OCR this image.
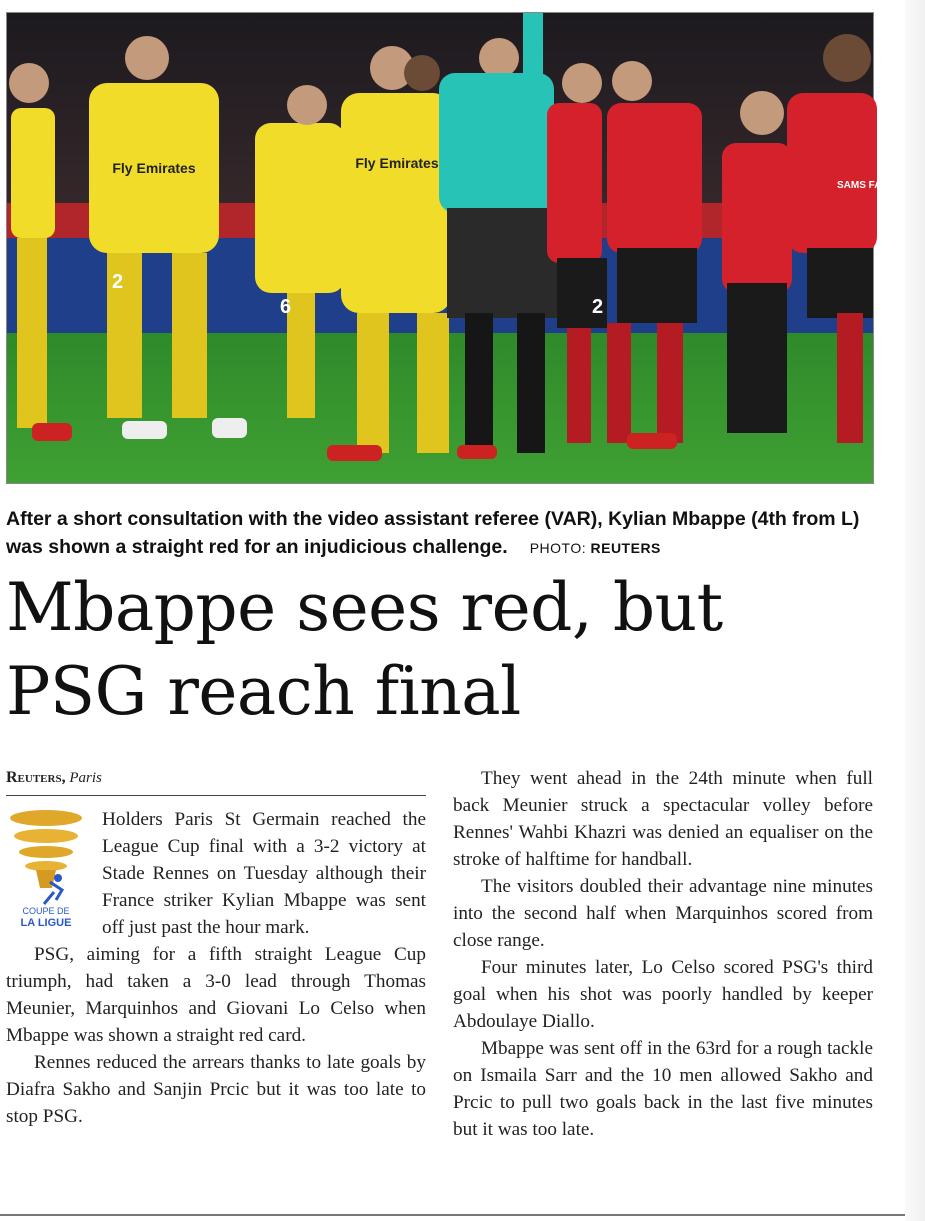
Fly Emirates	Fly Emirates
2
6	2
SAMS FAGU
After a short consultation with the video assistant referee (VAR), Kylian Mbappe (4th from L) was shown a straight red for an injudicious challenge. PHOTO: REUTERS
Mbappe sees red, but
PSG reach final
Reuters, Paris
COUPE DE
LA LIGUE

Holders Paris St Germain reached the League Cup final with a 3-2 victory at Stade Rennes on Tuesday although their France striker Kylian Mbappe was sent off just past the hour mark.

PSG, aiming for a fifth straight League Cup triumph, had taken a 3-0 lead through Thomas Meunier, Marquinhos and Giovani Lo Celso when Mbappe was shown a straight red card.

Rennes reduced the arrears thanks to late goals by Diafra Sakho and Sanjin Prcic but it was too late to stop PSG.

They went ahead in the 24th minute when full back Meunier struck a spectacular volley before Rennes' Wahbi Khazri was denied an equaliser on the stroke of halftime for handball.

The visitors doubled their advantage nine minutes into the second half when Marquinhos scored from close range.

Four minutes later, Lo Celso scored PSG's third goal when his shot was poorly handled by keeper Abdoulaye Diallo.

Mbappe was sent off in the 63rd for a rough tackle on Ismaila Sarr and the 10 men allowed Sakho and Prcic to pull two goals back in the last five minutes but it was too late.
